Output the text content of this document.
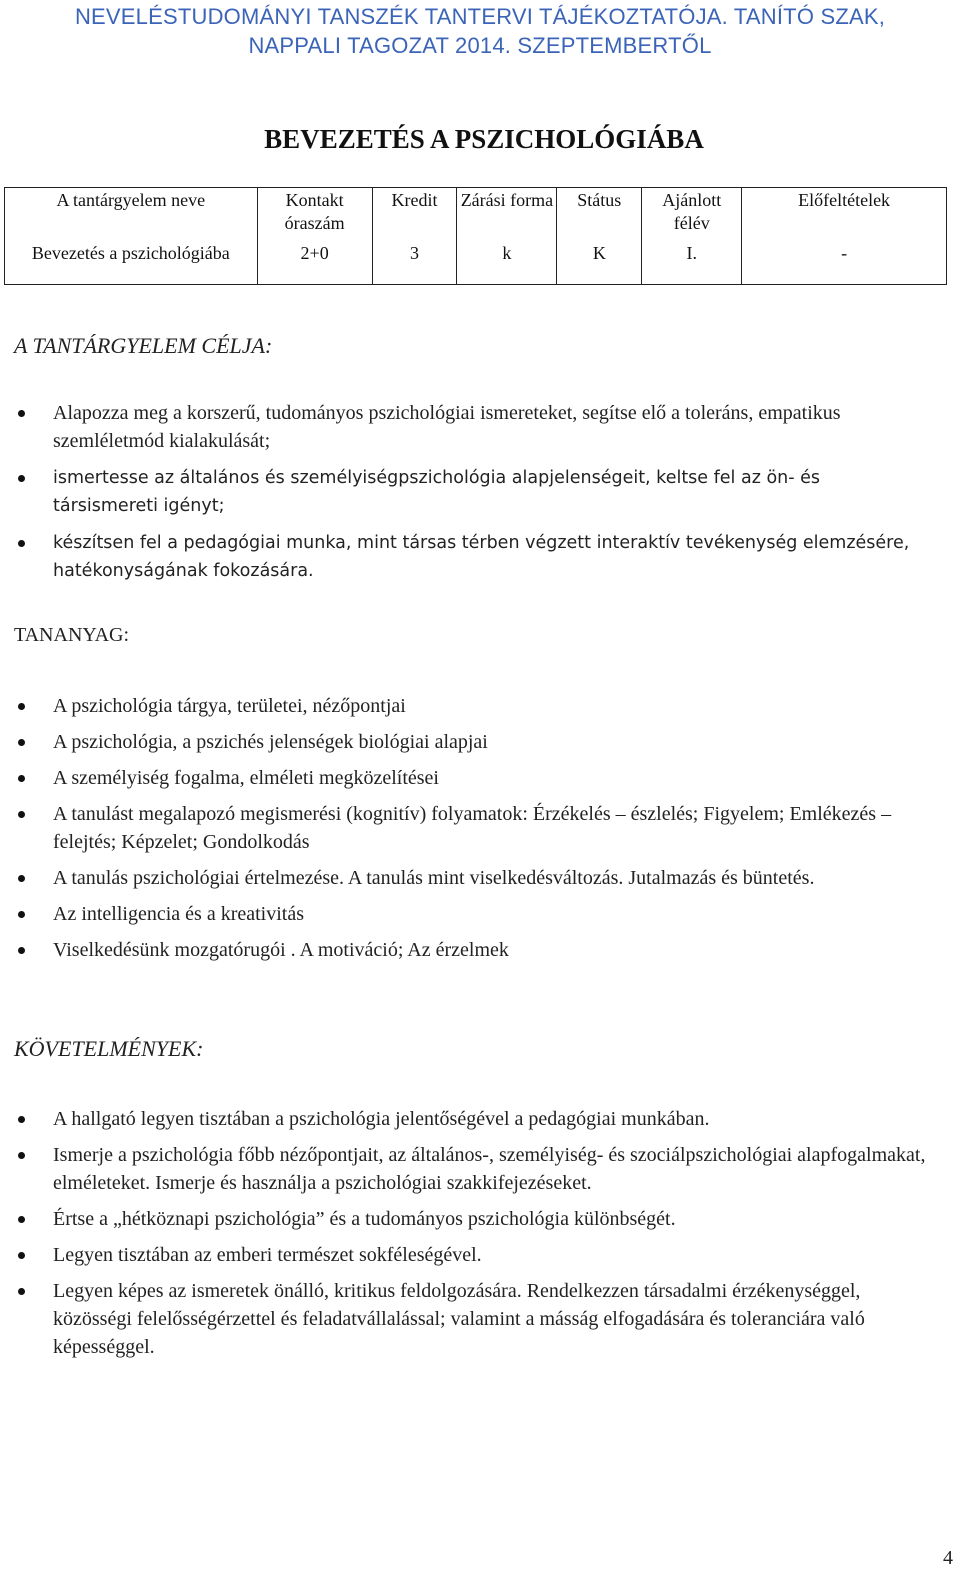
NEVELÉSTUDOMÁNYI TANSZÉK TANTERVI TÁJÉKOZTATÓJA. TANÍTÓ SZAK,
NAPPALI TAGOZAT 2014. SZEPTEMBERTŐL
BEVEZETÉS A PSZICHOLÓGIÁBA
A tantárgyelem neve	Kontakt óraszám	Kredit	Zárási forma	Státus	Ajánlott félév	Előfeltételek
Bevezetés a pszichológiába	2+0	3	k	K	I.	-
A TANTÁRGYELEM CÉLJA:
Alapozza meg a korszerű, tudományos pszichológiai ismereteket, segítse elő a toleráns, empatikus szemléletmód kialakulását;
ismertesse az általános és személyiségpszichológia alapjelenségeit, keltse fel az ön- és társismereti igényt;
készítsen fel a pedagógiai munka, mint társas térben végzett interaktív tevékenység elemzésére, hatékonyságának fokozására.
TANANYAG:
A pszichológia tárgya, területei, nézőpontjai
A pszichológia, a pszichés jelenségek biológiai alapjai
A személyiség fogalma, elméleti megközelítései
A tanulást megalapozó megismerési (kognitív) folyamatok: Érzékelés – észlelés; Figyelem; Emlékezés – felejtés; Képzelet; Gondolkodás
A tanulás pszichológiai értelmezése. A tanulás mint viselkedésváltozás. Jutalmazás és büntetés.
Az intelligencia és a kreativitás
Viselkedésünk mozgatórugói . A motiváció; Az érzelmek
KÖVETELMÉNYEK:
A hallgató legyen tisztában a pszichológia jelentőségével a pedagógiai munkában.
Ismerje a pszichológia főbb nézőpontjait, az általános-, személyiség- és szociálpszichológiai alapfogalmakat, elméleteket. Ismerje és használja a pszichológiai szakkifejezéseket.
Értse a „hétköznapi pszichológia” és a tudományos pszichológia különbségét.
Legyen tisztában az emberi természet sokféleségével.
Legyen képes az ismeretek önálló, kritikus feldolgozására. Rendelkezzen társadalmi érzékenységgel, közösségi felelősségérzettel és feladatvállalással; valamint a másság elfogadására és toleranciára való képességgel.
4
